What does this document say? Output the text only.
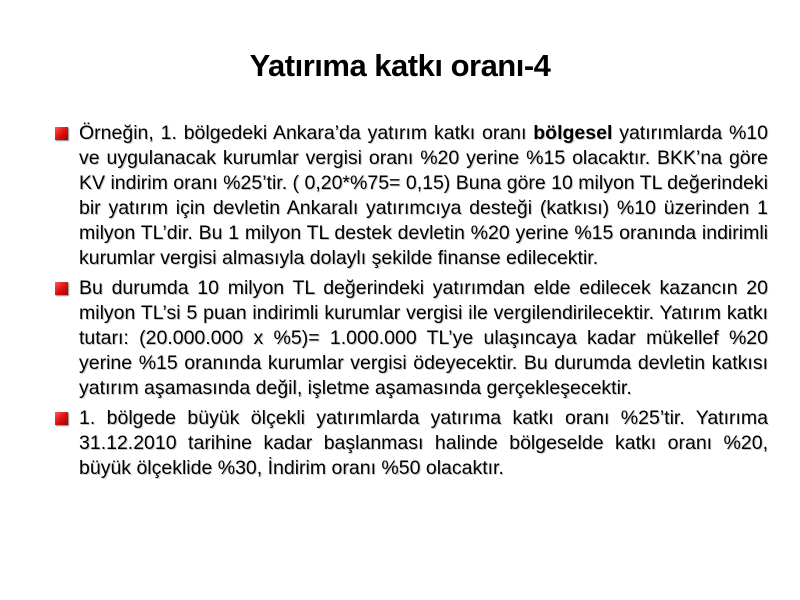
Yatırıma katkı oranı-4
Örneğin, 1. bölgedeki Ankara’da yatırım katkı oranı bölgesel yatırımlarda %10 ve uygulanacak kurumlar vergisi oranı %20 yerine %15 olacaktır. BKK’na göre KV indirim oranı %25’tir. ( 0,20*%75= 0,15) Buna göre 10 milyon TL değerindeki bir yatırım için devletin Ankaralı yatırımcıya desteği (katkısı) %10 üzerinden 1 milyon TL’dir. Bu 1 milyon TL destek devletin %20 yerine %15 oranında indirimli kurumlar vergisi almasıyla dolaylı şekilde finanse edilecektir.
Bu durumda 10 milyon TL değerindeki yatırımdan elde edilecek kazancın 20 milyon TL’si 5 puan indirimli kurumlar vergisi ile vergilendirilecektir. Yatırım katkı tutarı: (20.000.000 x %5)= 1.000.000 TL’ye ulaşıncaya kadar mükellef %20 yerine %15 oranında kurumlar vergisi ödeyecektir. Bu durumda devletin katkısı yatırım aşamasında değil, işletme aşamasında gerçekleşecektir.
1. bölgede büyük ölçekli yatırımlarda yatırıma katkı oranı %25’tir. Yatırıma 31.12.2010 tarihine kadar başlanması halinde bölgeselde katkı oranı %20, büyük ölçeklide %30, İndirim oranı %50 olacaktır.
